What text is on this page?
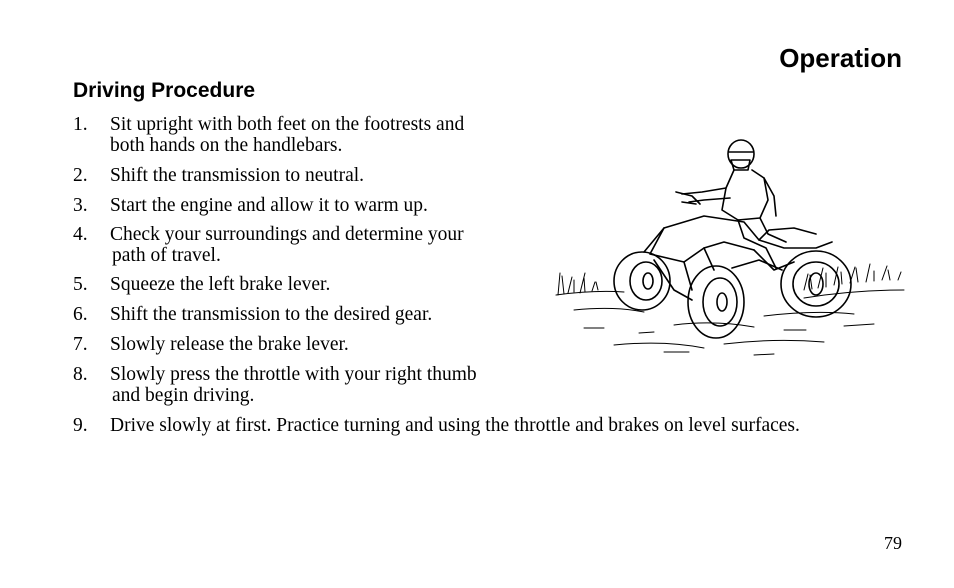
Operation
Driving Procedure
1.	Sit upright with both feet on the footrests and
both hands on the handlebars.
2.	Shift the transmission to neutral.
3.	Start the engine and allow it to warm up.
4.	Check your surroundings and determine your
path of travel.
5.	Squeeze the left brake lever.
6.	Shift the transmission to the desired gear.
7.	Slowly release the brake lever.
8.	Slowly press the throttle with your right thumb
and begin driving.
9.	Drive slowly at first. Practice turning and using the throttle and brakes on level surfaces.

79
